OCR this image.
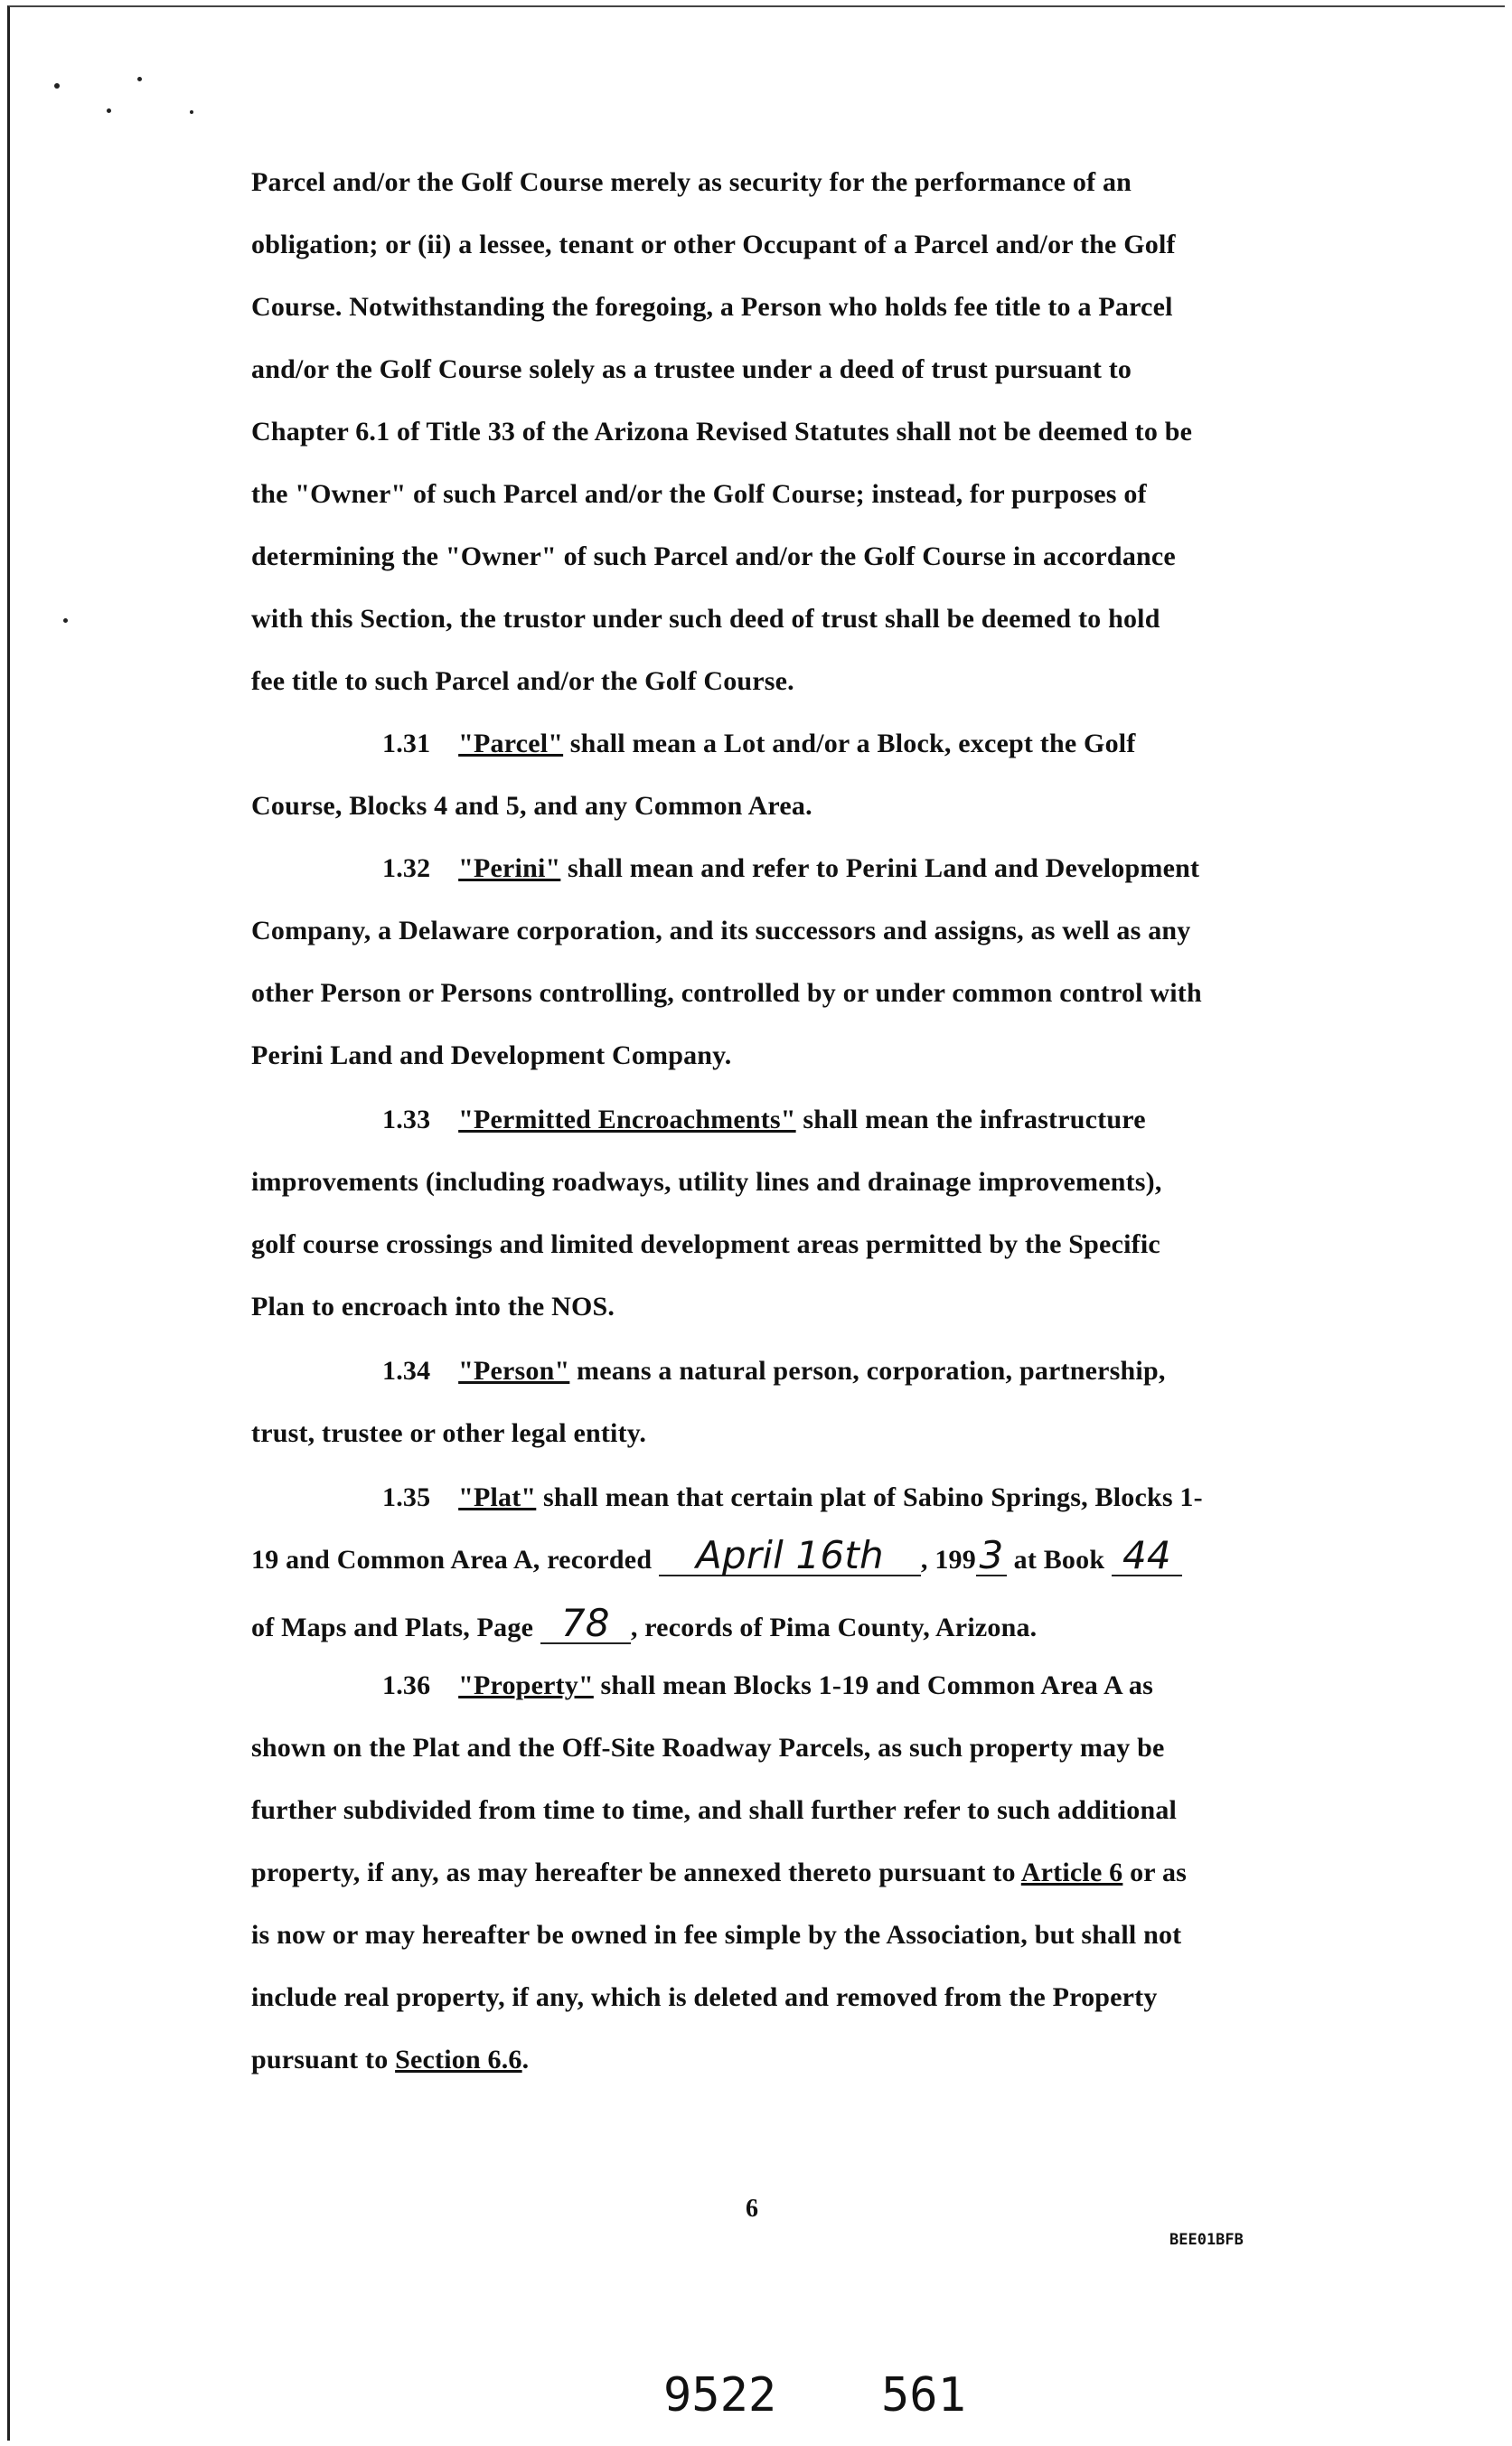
Parcel and/or the Golf Course merely as security for the performance of an
obligation; or (ii) a lessee, tenant or other Occupant of a Parcel and/or the Golf
Course. Notwithstanding the foregoing, a Person who holds fee title to a Parcel
and/or the Golf Course solely as a trustee under a deed of trust pursuant to
Chapter 6.1 of Title 33 of the Arizona Revised Statutes shall not be deemed to be
the "Owner" of such Parcel and/or the Golf Course; instead, for purposes of
determining the "Owner" of such Parcel and/or the Golf Course in accordance
with this Section, the trustor under such deed of trust shall be deemed to hold
fee title to such Parcel and/or the Golf Course.
1.31 "Parcel" shall mean a Lot and/or a Block, except the Golf
Course, Blocks 4 and 5, and any Common Area.
1.32 "Perini" shall mean and refer to Perini Land and Development
Company, a Delaware corporation, and its successors and assigns, as well as any
other Person or Persons controlling, controlled by or under common control with
Perini Land and Development Company.
1.33 "Permitted Encroachments" shall mean the infrastructure
improvements (including roadways, utility lines and drainage improvements),
golf course crossings and limited development areas permitted by the Specific
Plan to encroach into the NOS.
1.34 "Person" means a natural person, corporation, partnership,
trust, trustee or other legal entity.
1.35 "Plat" shall mean that certain plat of Sabino Springs, Blocks 1-
19 and Common Area A, recorded April 16th , 1993 at Book 44
of Maps and Plats, Page 78 , records of Pima County, Arizona.
1.36 "Property" shall mean Blocks 1-19 and Common Area A as
shown on the Plat and the Off-Site Roadway Parcels, as such property may be
further subdivided from time to time, and shall further refer to such additional
property, if any, as may hereafter be annexed thereto pursuant to Article 6 or as
is now or may hereafter be owned in fee simple by the Association, but shall not
include real property, if any, which is deleted and removed from the Property
pursuant to Section 6.6.
6
BEE01BFB
9522 561
